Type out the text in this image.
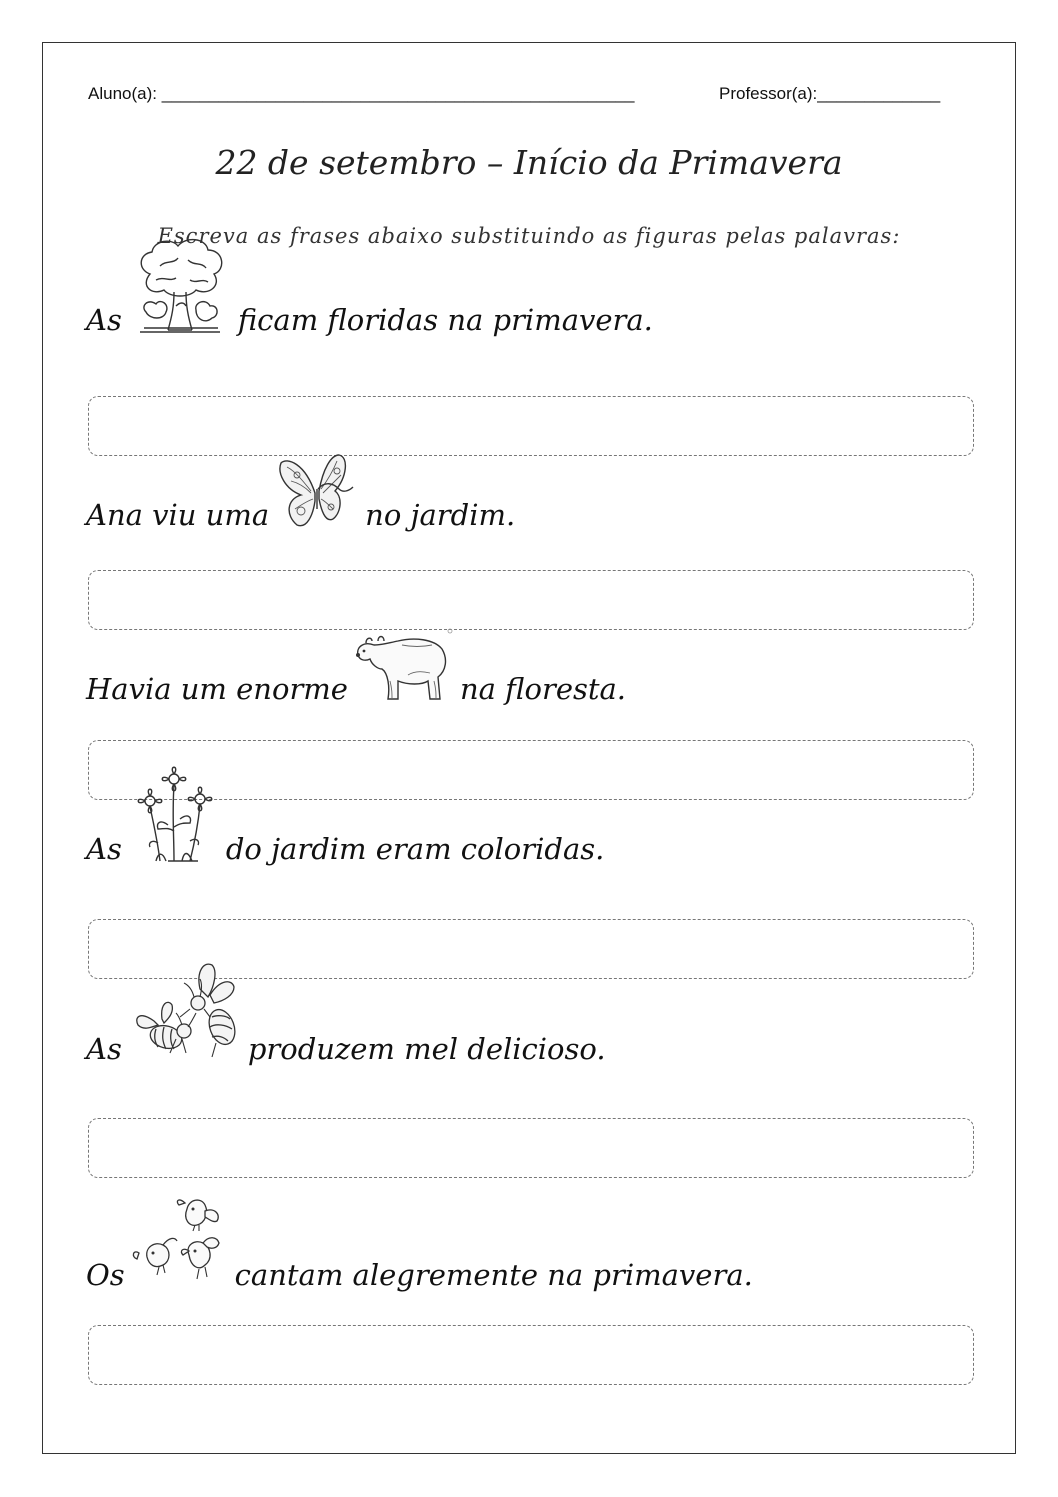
Aluno(a): __________________________________________________	Professor(a):_____________
22 de setembro – Início da Primavera
Escreva as frases abaixo substituindo as figuras pelas palavras:
As	ficam floridas na primavera.
Ana viu uma	no jardim.
Havia um enorme	na floresta.
As	do jardim eram coloridas.
As	produzem mel delicioso.
Os	cantam alegremente na primavera.
